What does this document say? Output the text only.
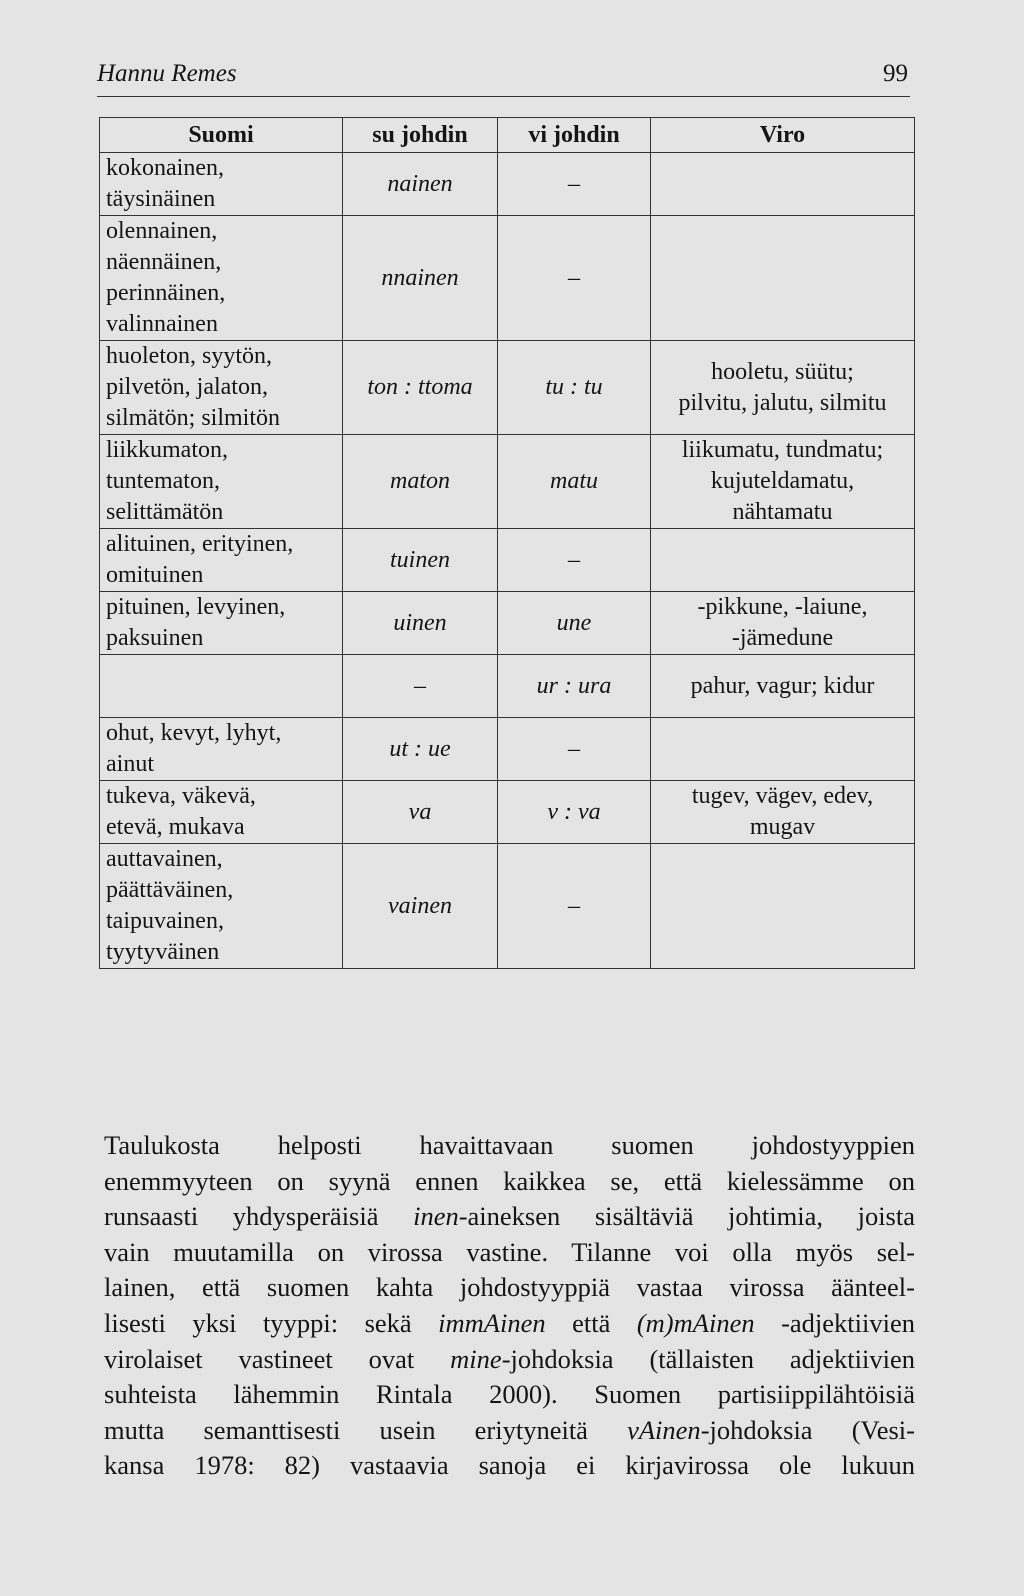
Hannu Remes	99
Suomi	su johdin	vi johdin	Viro

kokonainen,
täysinäinen	nainen	–	

olennainen,
näennäinen,
perinnäinen,
valinnainen	nnainen	–	

huoleton, syytön,
pilvetön, jalaton,
silmätön; silmitön	ton : ttoma	tu : tu	hooletu, süütu;
pilvitu, jalutu, silmitu

liikkumaton,
tuntematon,
selittämätön	maton	matu	liikumatu, tundmatu;
kujuteldamatu,
nähtamatu

alituinen, erityinen,
omituinen	tuinen	–	

pituinen, levyinen,
paksuinen	uinen	une	-pikkune, -laiune,
-jämedune

	–	ur : ura	pahur, vagur; kidur

ohut, kevyt, lyhyt,
ainut	ut : ue	–	

tukeva, väkevä,
etevä, mukava	va	v : va	tugev, vägev, edev,
mugav

auttavainen,
päättäväinen,
taipuvainen,
tyytyväinen	vainen	–	

Taulukosta helposti havaittavaan suomen johdostyyppien
enemmyyteen on syynä ennen kaikkea se, että kielessämme on
runsaasti yhdysperäisiä inen-aineksen sisältäviä johtimia, joista
vain muutamilla on virossa vastine. Tilanne voi olla myös sel-
lainen, että suomen kahta johdostyyppiä vastaa virossa äänteel-
lisesti yksi tyyppi: sekä immAinen että (m)mAinen -adjektiivien
virolaiset vastineet ovat mine-johdoksia (tällaisten adjektiivien
suhteista lähemmin Rintala 2000). Suomen partisiippilähtöisiä
mutta semanttisesti usein eriytyneitä vAinen-johdoksia (Vesi-
kansa 1978: 82) vastaavia sanoja ei kirjavirossa ole lukuun
